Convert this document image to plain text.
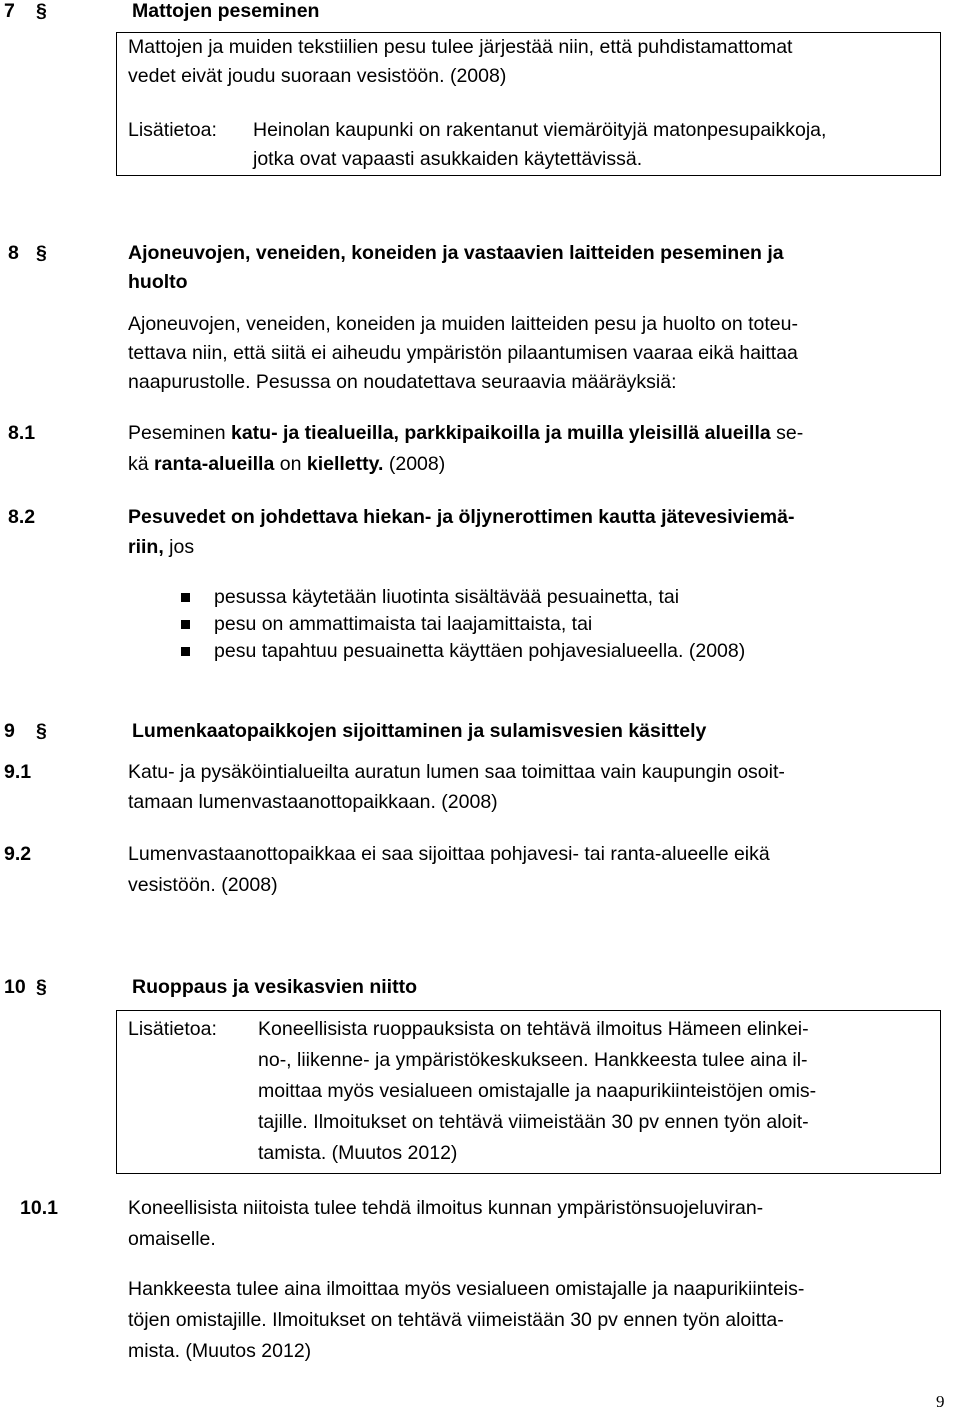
7 §	Mattojen peseminen
Mattojen ja muiden tekstiilien pesu tulee järjestää niin, että puhdistamattomat
vedet eivät joudu suoraan vesistöön. (2008)
Lisätietoa: Heinolan kaupunki on rakentanut viemäröityjä matonpesupaikkoja,
jotka ovat vapaasti asukkaiden käytettävissä.
8 §	Ajoneuvojen, veneiden, koneiden ja vastaavien laitteiden peseminen ja
huolto
Ajoneuvojen, veneiden, koneiden ja muiden laitteiden pesu ja huolto on toteu-
tettava niin, että siitä ei aiheudu ympäristön pilaantumisen vaaraa eikä haittaa
naapurustolle. Pesussa on noudatettava seuraavia määräyksiä:
8.1	Peseminen katu- ja tiealueilla, parkkipaikoilla ja muilla yleisillä alueilla se-
kä ranta-alueilla on kielletty. (2008)
8.2	Pesuvedet on johdettava hiekan- ja öljynerottimen kautta jätevesiviemä-
riin, jos
pesussa käytetään liuotinta sisältävää pesuainetta, tai
pesu on ammattimaista tai laajamittaista, tai
pesu tapahtuu pesuainetta käyttäen pohjavesialueella. (2008)
9 §	Lumenkaatopaikkojen sijoittaminen ja sulamisvesien käsittely
9.1	Katu- ja pysäköintialueilta auratun lumen saa toimittaa vain kaupungin osoit-
tamaan lumenvastaanottopaikkaan. (2008)
9.2	Lumenvastaanottopaikkaa ei saa sijoittaa pohjavesi- tai ranta-alueelle eikä
vesistöön. (2008)
10 §	Ruoppaus ja vesikasvien niitto
Lisätietoa: Koneellisista ruoppauksista on tehtävä ilmoitus Hämeen elinkei-
no-, liikenne- ja ympäristökeskukseen. Hankkeesta tulee aina il-
moittaa myös vesialueen omistajalle ja naapurikiinteistöjen omis-
tajille. Ilmoitukset on tehtävä viimeistään 30 pv ennen työn aloit-
tamista. (Muutos 2012)
10.1	Koneellisista niitoista tulee tehdä ilmoitus kunnan ympäristönsuojeluviran-
omaiselle.
Hankkeesta tulee aina ilmoittaa myös vesialueen omistajalle ja naapurikiinteis-
töjen omistajille. Ilmoitukset on tehtävä viimeistään 30 pv ennen työn aloitta-
mista. (Muutos 2012)
9
